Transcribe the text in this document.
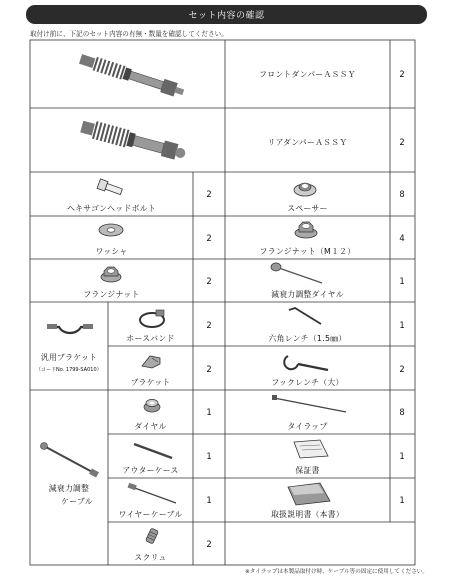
セット内容の確認
取付け前に、下記のセット内容の有無・数量を確認してください。
フロントダンパーＡＳＳＹ	2
リアダンパーＡＳＳＹ	2
ヘキサゴンヘッドボルト
2
スペーサー
8
ワッシャ
2
フランジナット（M１２）
4
フランジナット
2
減衰力調整ダイヤル
1
汎用ブラケット
（コードNo. 1799-SA010）
ホースバンド
2
六角レンチ（1.5㎜）
1
ブラケット
2
フックレンチ（大）
2
減衰力調整
ケーブル
ダイヤル
1
タイラップ
8
アウターケース
1
保証書
1
ワイヤーケーブル
1
取扱説明書（本書）
1
スクリュ
2
※タイラップは本製品取付け時、ケーブル等の固定に使用してください。
